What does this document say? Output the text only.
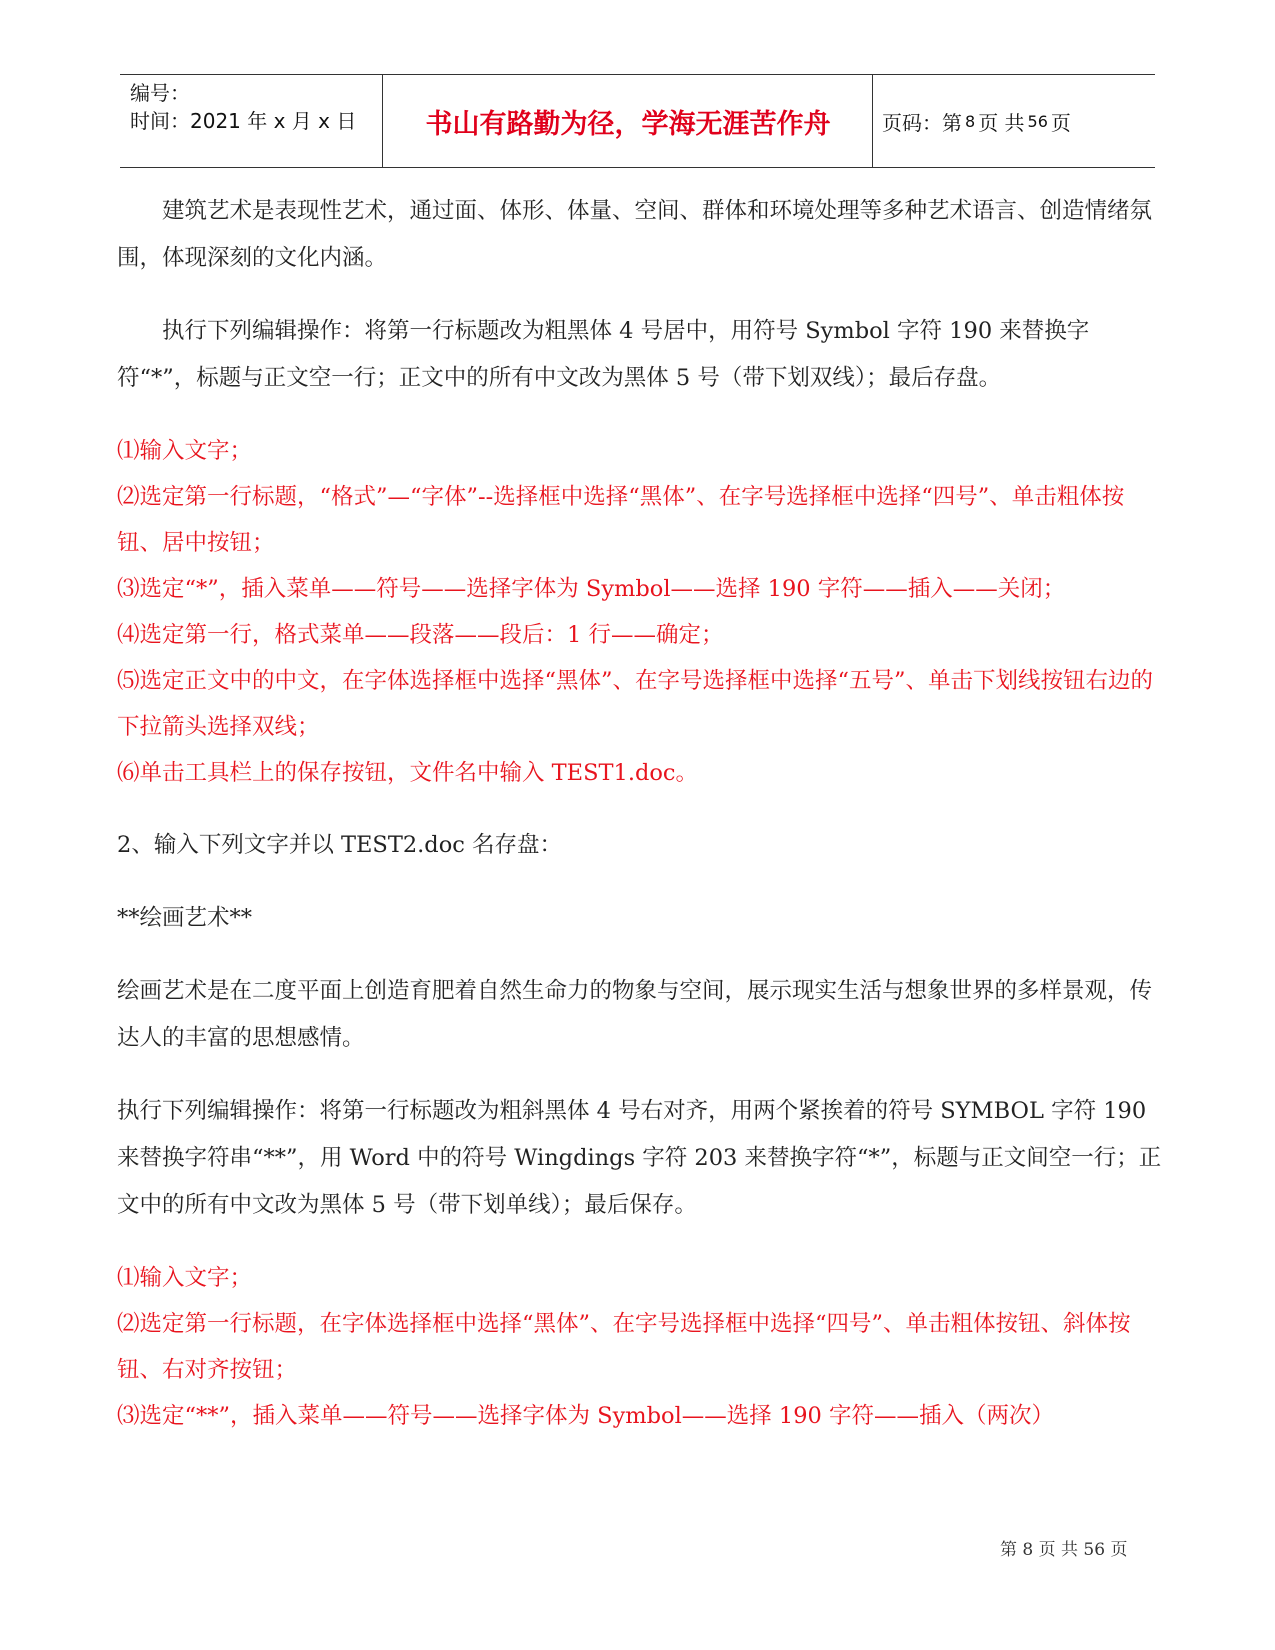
编号：
时间：2021 年 x 月 x 日	书山有路勤为径，学海无涯苦作舟	页码：第 8 页 共 56 页

建筑艺术是表现性艺术，通过面、体形、体量、空间、群体和环境处理等多种艺术语言、创造情绪氛围，体现深刻的文化内涵。

执行下列编辑操作：将第一行标题改为粗黑体 4 号居中，用符号 Symbol 字符 190 来替换字符“*”，标题与正文空一行；正文中的所有中文改为黑体 5 号（带下划双线）；最后存盘。

⑴输入文字；

⑵选定第一行标题，“格式”—“字体”--选择框中选择“黑体”、在字号选择框中选择“四号”、单击粗体按钮、居中按钮；

⑶选定“*”，插入菜单——符号——选择字体为 Symbol——选择 190 字符——插入——关闭；

⑷选定第一行，格式菜单——段落——段后：1 行——确定；

⑸选定正文中的中文，在字体选择框中选择“黑体”、在字号选择框中选择“五号”、单击下划线按钮右边的下拉箭头选择双线；

⑹单击工具栏上的保存按钮，文件名中输入 TEST1.doc。

2、输入下列文字并以 TEST2.doc 名存盘：

**绘画艺术**

绘画艺术是在二度平面上创造育肥着自然生命力的物象与空间，展示现实生活与想象世界的多样景观，传达人的丰富的思想感情。

执行下列编辑操作：将第一行标题改为粗斜黑体 4 号右对齐，用两个紧挨着的符号 SYMBOL 字符 190 来替换字符串“**”，用 Word 中的符号 Wingdings 字符 203 来替换字符“*”，标题与正文间空一行；正文中的所有中文改为黑体 5 号（带下划单线）；最后保存。

⑴输入文字；

⑵选定第一行标题，在字体选择框中选择“黑体”、在字号选择框中选择“四号”、单击粗体按钮、斜体按钮、右对齐按钮；

⑶选定“**”，插入菜单——符号——选择字体为 Symbol——选择 190 字符——插入（两次）

第 8 页 共 56 页
